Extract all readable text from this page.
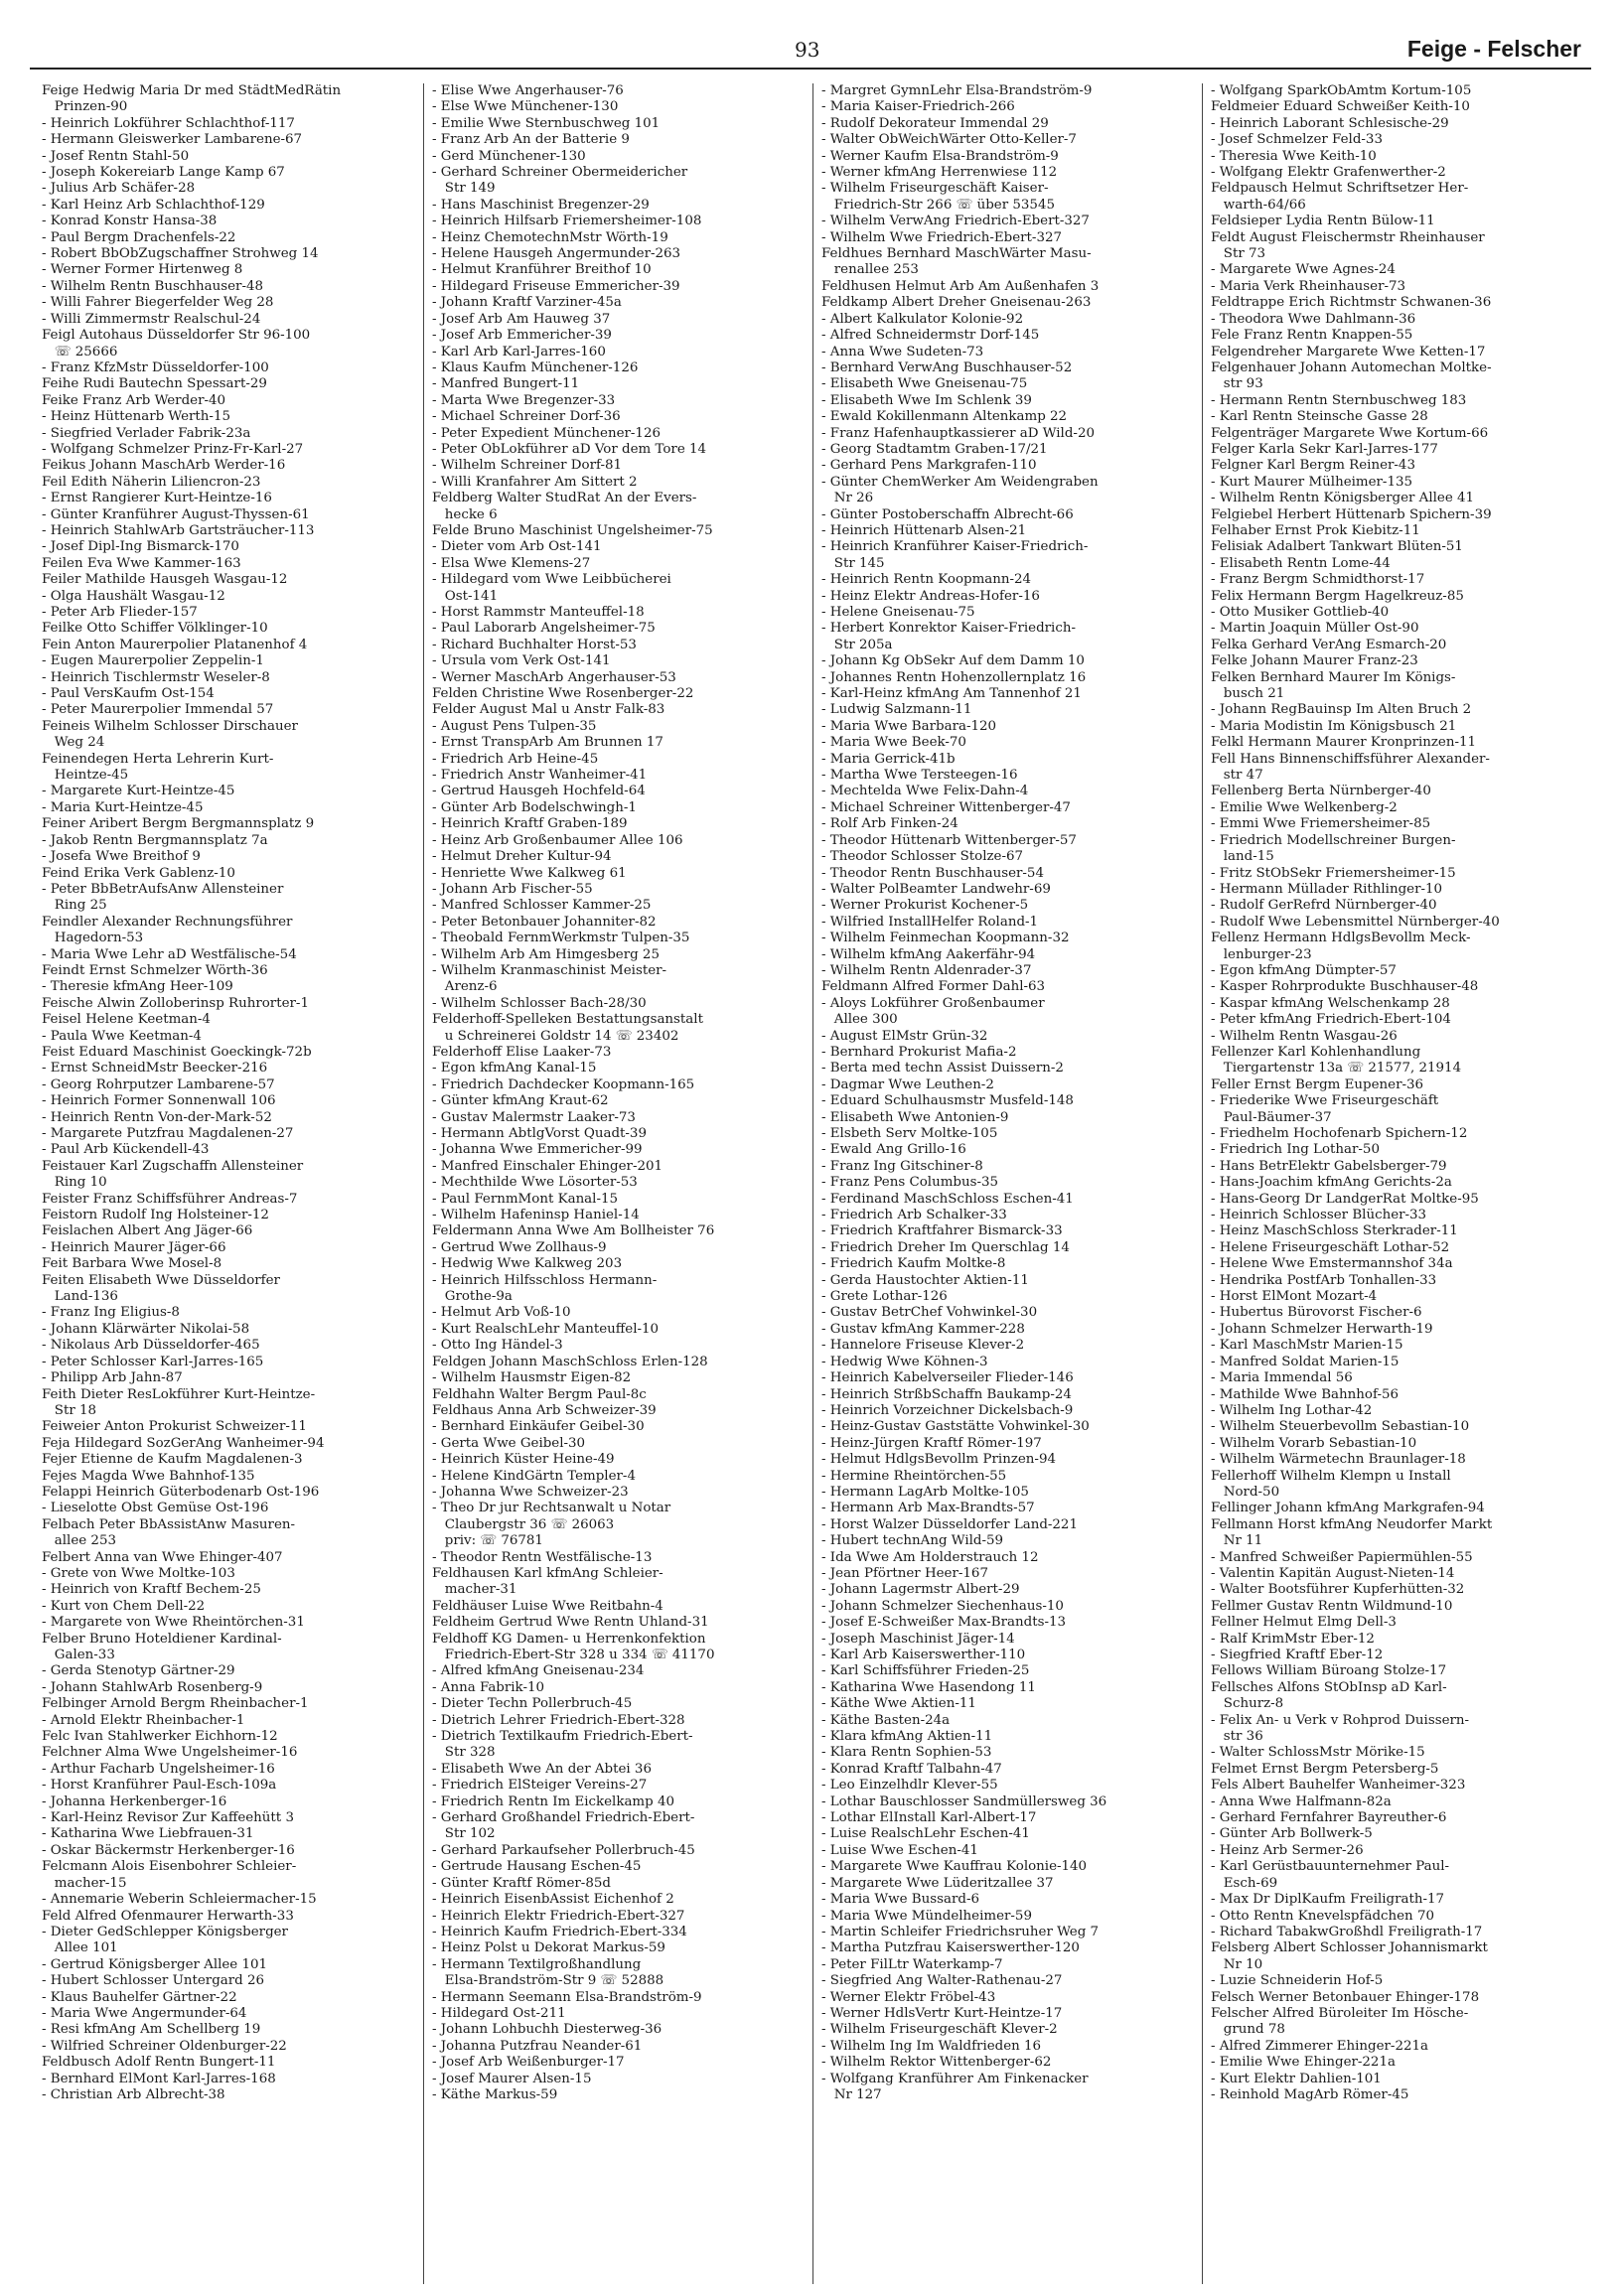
93	Feige - Felscher
Feige Hedwig Maria Dr med StädtMedRätin
Prinzen-90
- Heinrich Lokführer Schlachthof-117
- Hermann Gleiswerker Lambarene-67
- Josef Rentn Stahl-50
- Joseph Kokereiarb Lange Kamp 67
- Julius Arb Schäfer-28
- Karl Heinz Arb Schlachthof-129
- Konrad Konstr Hansa-38
- Paul Bergm Drachenfels-22
- Robert BbObZugschaffner Strohweg 14
- Werner Former Hirtenweg 8
- Wilhelm Rentn Buschhauser-48
- Willi Fahrer Biegerfelder Weg 28
- Willi Zimmermstr Realschul-24
Feigl Autohaus Düsseldorfer Str 96-100
☏ 25666
- Franz KfzMstr Düsseldorfer-100
Feihe Rudi Bautechn Spessart-29
Feike Franz Arb Werder-40
- Heinz Hüttenarb Werth-15
- Siegfried Verlader Fabrik-23a
- Wolfgang Schmelzer Prinz-Fr-Karl-27
Feikus Johann MaschArb Werder-16
Feil Edith Näherin Liliencron-23
- Ernst Rangierer Kurt-Heintze-16
- Günter Kranführer August-Thyssen-61
- Heinrich StahlwArb Gartsträucher-113
- Josef Dipl-Ing Bismarck-170
Feilen Eva Wwe Kammer-163
Feiler Mathilde Hausgeh Wasgau-12
- Olga Haushält Wasgau-12
- Peter Arb Flieder-157
Feilke Otto Schiffer Völklinger-10
Fein Anton Maurerpolier Platanenhof 4
- Eugen Maurerpolier Zeppelin-1
- Heinrich Tischlermstr Weseler-8
- Paul VersKaufm Ost-154
- Peter Maurerpolier Immendal 57
Feineis Wilhelm Schlosser Dirschauer
Weg 24
Feinendegen Herta Lehrerin Kurt-
Heintze-45
- Margarete Kurt-Heintze-45
- Maria Kurt-Heintze-45
Feiner Aribert Bergm Bergmannsplatz 9
- Jakob Rentn Bergmannsplatz 7a
- Josefa Wwe Breithof 9
Feind Erika Verk Gablenz-10
- Peter BbBetrAufsAnw Allensteiner
Ring 25
Feindler Alexander Rechnungsführer
Hagedorn-53
- Maria Wwe Lehr aD Westfälische-54
Feindt Ernst Schmelzer Wörth-36
- Theresie kfmAng Heer-109
Feische Alwin Zolloberinsp Ruhrorter-1
Feisel Helene Keetman-4
- Paula Wwe Keetman-4
Feist Eduard Maschinist Goeckingk-72b
- Ernst SchneidMstr Beecker-216
- Georg Rohrputzer Lambarene-57
- Heinrich Former Sonnenwall 106
- Heinrich Rentn Von-der-Mark-52
- Margarete Putzfrau Magdalenen-27
- Paul Arb Kückendell-43
Feistauer Karl Zugschaffn Allensteiner
Ring 10
Feister Franz Schiffsführer Andreas-7
Feistorn Rudolf Ing Holsteiner-12
Feislachen Albert Ang Jäger-66
- Heinrich Maurer Jäger-66
Feit Barbara Wwe Mosel-8
Feiten Elisabeth Wwe Düsseldorfer
Land-136
- Franz Ing Eligius-8
- Johann Klärwärter Nikolai-58
- Nikolaus Arb Düsseldorfer-465
- Peter Schlosser Karl-Jarres-165
- Philipp Arb Jahn-87
Feith Dieter ResLokführer Kurt-Heintze-
Str 18
Feiweier Anton Prokurist Schweizer-11
Feja Hildegard SozGerAng Wanheimer-94
Fejer Etienne de Kaufm Magdalenen-3
Fejes Magda Wwe Bahnhof-135
Felappi Heinrich Güterbodenarb Ost-196
- Lieselotte Obst Gemüse Ost-196
Felbach Peter BbAssistAnw Masuren-
allee 253
Felbert Anna van Wwe Ehinger-407
- Grete von Wwe Moltke-103
- Heinrich von Kraftf Bechem-25
- Kurt von Chem Dell-22
- Margarete von Wwe Rheintörchen-31
Felber Bruno Hoteldiener Kardinal-
Galen-33
- Gerda Stenotyp Gärtner-29
- Johann StahlwArb Rosenberg-9
Felbinger Arnold Bergm Rheinbacher-1
- Arnold Elektr Rheinbacher-1
Felc Ivan Stahlwerker Eichhorn-12
Felchner Alma Wwe Ungelsheimer-16
- Arthur Facharb Ungelsheimer-16
- Horst Kranführer Paul-Esch-109a
- Johanna Herkenberger-16
- Karl-Heinz Revisor Zur Kaffeehütt 3
- Katharina Wwe Liebfrauen-31
- Oskar Bäckermstr Herkenberger-16
Felcmann Alois Eisenbohrer Schleier-
macher-15
- Annemarie Weberin Schleiermacher-15
Feld Alfred Ofenmaurer Herwarth-33
- Dieter GedSchlepper Königsberger
Allee 101
- Gertrud Königsberger Allee 101
- Hubert Schlosser Untergard 26
- Klaus Bauhelfer Gärtner-22
- Maria Wwe Angermunder-64
- Resi kfmAng Am Schellberg 19
- Wilfried Schreiner Oldenburger-22
Feldbusch Adolf Rentn Bungert-11
- Bernhard ElMont Karl-Jarres-168
- Christian Arb Albrecht-38
- Elise Wwe Angerhauser-76
- Else Wwe Münchener-130
- Emilie Wwe Sternbuschweg 101
- Franz Arb An der Batterie 9
- Gerd Münchener-130
- Gerhard Schreiner Obermeidericher
Str 149
- Hans Maschinist Bregenzer-29
- Heinrich Hilfsarb Friemersheimer-108
- Heinz ChemotechnMstr Wörth-19
- Helene Hausgeh Angermunder-263
- Helmut Kranführer Breithof 10
- Hildegard Friseuse Emmericher-39
- Johann Kraftf Varziner-45a
- Josef Arb Am Hauweg 37
- Josef Arb Emmericher-39
- Karl Arb Karl-Jarres-160
- Klaus Kaufm Münchener-126
- Manfred Bungert-11
- Marta Wwe Bregenzer-33
- Michael Schreiner Dorf-36
- Peter Expedient Münchener-126
- Peter ObLokführer aD Vor dem Tore 14
- Wilhelm Schreiner Dorf-81
- Willi Kranfahrer Am Sittert 2
Feldberg Walter StudRat An der Evers-
hecke 6
Felde Bruno Maschinist Ungelsheimer-75
- Dieter vom Arb Ost-141
- Elsa Wwe Klemens-27
- Hildegard vom Wwe Leibbücherei
Ost-141
- Horst Rammstr Manteuffel-18
- Paul Laborarb Angelsheimer-75
- Richard Buchhalter Horst-53
- Ursula vom Verk Ost-141
- Werner MaschArb Angerhauser-53
Felden Christine Wwe Rosenberger-22
Felder August Mal u Anstr Falk-83
- August Pens Tulpen-35
- Ernst TranspArb Am Brunnen 17
- Friedrich Arb Heine-45
- Friedrich Anstr Wanheimer-41
- Gertrud Hausgeh Hochfeld-64
- Günter Arb Bodelschwingh-1
- Heinrich Kraftf Graben-189
- Heinz Arb Großenbaumer Allee 106
- Helmut Dreher Kultur-94
- Henriette Wwe Kalkweg 61
- Johann Arb Fischer-55
- Manfred Schlosser Kammer-25
- Peter Betonbauer Johanniter-82
- Theobald FernmWerkmstr Tulpen-35
- Wilhelm Arb Am Himgesberg 25
- Wilhelm Kranmaschinist Meister-
Arenz-6
- Wilhelm Schlosser Bach-28/30
Felderhoff-Spelleken Bestattungsanstalt
u Schreinerei Goldstr 14 ☏ 23402
Felderhoff Elise Laaker-73
- Egon kfmAng Kanal-15
- Friedrich Dachdecker Koopmann-165
- Günter kfmAng Kraut-62
- Gustav Malermstr Laaker-73
- Hermann AbtlgVorst Quadt-39
- Johanna Wwe Emmericher-99
- Manfred Einschaler Ehinger-201
- Mechthilde Wwe Lösorter-53
- Paul FernmMont Kanal-15
- Wilhelm Hafeninsp Haniel-14
Feldermann Anna Wwe Am Bollheister 76
- Gertrud Wwe Zollhaus-9
- Hedwig Wwe Kalkweg 203
- Heinrich Hilfsschloss Hermann-
Grothe-9a
- Helmut Arb Voß-10
- Kurt RealschLehr Manteuffel-10
- Otto Ing Händel-3
Feldgen Johann MaschSchloss Erlen-128
- Wilhelm Hausmstr Eigen-82
Feldhahn Walter Bergm Paul-8c
Feldhaus Anna Arb Schweizer-39
- Bernhard Einkäufer Geibel-30
- Gerta Wwe Geibel-30
- Heinrich Küster Heine-49
- Helene KindGärtn Templer-4
- Johanna Wwe Schweizer-23
- Theo Dr jur Rechtsanwalt u Notar
Claubergstr 36 ☏ 26063
priv: ☏ 76781
- Theodor Rentn Westfälische-13
Feldhausen Karl kfmAng Schleier-
macher-31
Feldhäuser Luise Wwe Reitbahn-4
Feldheim Gertrud Wwe Rentn Uhland-31
Feldhoff KG Damen- u Herrenkonfektion
Friedrich-Ebert-Str 328 u 334 ☏ 41170
- Alfred kfmAng Gneisenau-234
- Anna Fabrik-10
- Dieter Techn Pollerbruch-45
- Dietrich Lehrer Friedrich-Ebert-328
- Dietrich Textilkaufm Friedrich-Ebert-
Str 328
- Elisabeth Wwe An der Abtei 36
- Friedrich ElSteiger Vereins-27
- Friedrich Rentn Im Eickelkamp 40
- Gerhard Großhandel Friedrich-Ebert-
Str 102
- Gerhard Parkaufseher Pollerbruch-45
- Gertrude Hausang Eschen-45
- Günter Kraftf Römer-85d
- Heinrich EisenbAssist Eichenhof 2
- Heinrich Elektr Friedrich-Ebert-327
- Heinrich Kaufm Friedrich-Ebert-334
- Heinz Polst u Dekorat Markus-59
- Hermann Textilgroßhandlung
Elsa-Brandström-Str 9 ☏ 52888
- Hermann Seemann Elsa-Brandström-9
- Hildegard Ost-211
- Johann Lohbuchh Diesterweg-36
- Johanna Putzfrau Neander-61
- Josef Arb Weißenburger-17
- Josef Maurer Alsen-15
- Käthe Markus-59
- Margret GymnLehr Elsa-Brandström-9
- Maria Kaiser-Friedrich-266
- Rudolf Dekorateur Immendal 29
- Walter ObWeichWärter Otto-Keller-7
- Werner Kaufm Elsa-Brandström-9
- Werner kfmAng Herrenwiese 112
- Wilhelm Friseurgeschäft Kaiser-
Friedrich-Str 266 ☏ über 53545
- Wilhelm VerwAng Friedrich-Ebert-327
- Wilhelm Wwe Friedrich-Ebert-327
Feldhues Bernhard MaschWärter Masu-
renallee 253
Feldhusen Helmut Arb Am Außenhafen 3
Feldkamp Albert Dreher Gneisenau-263
- Albert Kalkulator Kolonie-92
- Alfred Schneidermstr Dorf-145
- Anna Wwe Sudeten-73
- Bernhard VerwAng Buschhauser-52
- Elisabeth Wwe Gneisenau-75
- Elisabeth Wwe Im Schlenk 39
- Ewald Kokillenmann Altenkamp 22
- Franz Hafenhauptkassierer aD Wild-20
- Georg Stadtamtm Graben-17/21
- Gerhard Pens Markgrafen-110
- Günter ChemWerker Am Weidengraben
Nr 26
- Günter Postoberschaffn Albrecht-66
- Heinrich Hüttenarb Alsen-21
- Heinrich Kranführer Kaiser-Friedrich-
Str 145
- Heinrich Rentn Koopmann-24
- Heinz Elektr Andreas-Hofer-16
- Helene Gneisenau-75
- Herbert Konrektor Kaiser-Friedrich-
Str 205a
- Johann Kg ObSekr Auf dem Damm 10
- Johannes Rentn Hohenzollernplatz 16
- Karl-Heinz kfmAng Am Tannenhof 21
- Ludwig Salzmann-11
- Maria Wwe Barbara-120
- Maria Wwe Beek-70
- Maria Gerrick-41b
- Martha Wwe Tersteegen-16
- Mechtelda Wwe Felix-Dahn-4
- Michael Schreiner Wittenberger-47
- Rolf Arb Finken-24
- Theodor Hüttenarb Wittenberger-57
- Theodor Schlosser Stolze-67
- Theodor Rentn Buschhauser-54
- Walter PolBeamter Landwehr-69
- Werner Prokurist Kochener-5
- Wilfried InstallHelfer Roland-1
- Wilhelm Feinmechan Koopmann-32
- Wilhelm kfmAng Aakerfähr-94
- Wilhelm Rentn Aldenrader-37
Feldmann Alfred Former Dahl-63
- Aloys Lokführer Großenbaumer
Allee 300
- August ElMstr Grün-32
- Bernhard Prokurist Mafia-2
- Berta med techn Assist Duissern-2
- Dagmar Wwe Leuthen-2
- Eduard Schulhausmstr Musfeld-148
- Elisabeth Wwe Antonien-9
- Elsbeth Serv Moltke-105
- Ewald Ang Grillo-16
- Franz Ing Gitschiner-8
- Franz Pens Columbus-35
- Ferdinand MaschSchloss Eschen-41
- Friedrich Arb Schalker-33
- Friedrich Kraftfahrer Bismarck-33
- Friedrich Dreher Im Querschlag 14
- Friedrich Kaufm Moltke-8
- Gerda Haustochter Aktien-11
- Grete Lothar-126
- Gustav BetrChef Vohwinkel-30
- Gustav kfmAng Kammer-228
- Hannelore Friseuse Klever-2
- Hedwig Wwe Köhnen-3
- Heinrich Kabelverseiler Flieder-146
- Heinrich StrßbSchaffn Baukamp-24
- Heinrich Vorzeichner Dickelsbach-9
- Heinz-Gustav Gaststätte Vohwinkel-30
- Heinz-Jürgen Kraftf Römer-197
- Helmut HdlgsBevollm Prinzen-94
- Hermine Rheintörchen-55
- Hermann LagArb Moltke-105
- Hermann Arb Max-Brandts-57
- Horst Walzer Düsseldorfer Land-221
- Hubert technAng Wild-59
- Ida Wwe Am Holderstrauch 12
- Jean Pförtner Heer-167
- Johann Lagermstr Albert-29
- Johann Schmelzer Siechenhaus-10
- Josef E-Schweißer Max-Brandts-13
- Joseph Maschinist Jäger-14
- Karl Arb Kaiserswerther-110
- Karl Schiffsführer Frieden-25
- Katharina Wwe Hasendong 11
- Käthe Wwe Aktien-11
- Käthe Basten-24a
- Klara kfmAng Aktien-11
- Klara Rentn Sophien-53
- Konrad Kraftf Talbahn-47
- Leo Einzelhdlr Klever-55
- Lothar Bauschlosser Sandmüllersweg 36
- Lothar ElInstall Karl-Albert-17
- Luise RealschLehr Eschen-41
- Luise Wwe Eschen-41
- Margarete Wwe Kauffrau Kolonie-140
- Margarete Wwe Lüderitzallee 37
- Maria Wwe Bussard-6
- Maria Wwe Mündelheimer-59
- Martin Schleifer Friedrichsruher Weg 7
- Martha Putzfrau Kaiserswerther-120
- Peter FilLtr Waterkamp-7
- Siegfried Ang Walter-Rathenau-27
- Werner Elektr Fröbel-43
- Werner HdlsVertr Kurt-Heintze-17
- Wilhelm Friseurgeschäft Klever-2
- Wilhelm Ing Im Waldfrieden 16
- Wilhelm Rektor Wittenberger-62
- Wolfgang Kranführer Am Finkenacker
Nr 127
- Wolfgang SparkObAmtm Kortum-105
Feldmeier Eduard Schweißer Keith-10
- Heinrich Laborant Schlesische-29
- Josef Schmelzer Feld-33
- Theresia Wwe Keith-10
- Wolfgang Elektr Grafenwerther-2
Feldpausch Helmut Schriftsetzer Her-
warth-64/66
Feldsieper Lydia Rentn Bülow-11
Feldt August Fleischermstr Rheinhauser
Str 73
- Margarete Wwe Agnes-24
- Maria Verk Rheinhauser-73
Feldtrappe Erich Richtmstr Schwanen-36
- Theodora Wwe Dahlmann-36
Fele Franz Rentn Knappen-55
Felgendreher Margarete Wwe Ketten-17
Felgenhauer Johann Automechan Moltke-
str 93
- Hermann Rentn Sternbuschweg 183
- Karl Rentn Steinsche Gasse 28
Felgenträger Margarete Wwe Kortum-66
Felger Karla Sekr Karl-Jarres-177
Felgner Karl Bergm Reiner-43
- Kurt Maurer Mülheimer-135
- Wilhelm Rentn Königsberger Allee 41
Felgiebel Herbert Hüttenarb Spichern-39
Felhaber Ernst Prok Kiebitz-11
Felisiak Adalbert Tankwart Blüten-51
- Elisabeth Rentn Lome-44
- Franz Bergm Schmidthorst-17
Felix Hermann Bergm Hagelkreuz-85
- Otto Musiker Gottlieb-40
- Martin Joaquin Müller Ost-90
Felka Gerhard VerAng Esmarch-20
Felke Johann Maurer Franz-23
Felken Bernhard Maurer Im Königs-
busch 21
- Johann RegBauinsp Im Alten Bruch 2
- Maria Modistin Im Königsbusch 21
Felkl Hermann Maurer Kronprinzen-11
Fell Hans Binnenschiffsführer Alexander-
str 47
Fellenberg Berta Nürnberger-40
- Emilie Wwe Welkenberg-2
- Emmi Wwe Friemersheimer-85
- Friedrich Modellschreiner Burgen-
land-15
- Fritz StObSekr Friemersheimer-15
- Hermann Müllader Rithlinger-10
- Rudolf GerRefrd Nürnberger-40
- Rudolf Wwe Lebensmittel Nürnberger-40
Fellenz Hermann HdlgsBevollm Meck-
lenburger-23
- Egon kfmAng Dümpter-57
- Kasper Rohrprodukte Buschhauser-48
- Kaspar kfmAng Welschenkamp 28
- Peter kfmAng Friedrich-Ebert-104
- Wilhelm Rentn Wasgau-26
Fellenzer Karl Kohlenhandlung
Tiergartenstr 13a ☏ 21577, 21914
Feller Ernst Bergm Eupener-36
- Friederike Wwe Friseurgeschäft
Paul-Bäumer-37
- Friedhelm Hochofenarb Spichern-12
- Friedrich Ing Lothar-50
- Hans BetrElektr Gabelsberger-79
- Hans-Joachim kfmAng Gerichts-2a
- Hans-Georg Dr LandgerRat Moltke-95
- Heinrich Schlosser Blücher-33
- Heinz MaschSchloss Sterkrader-11
- Helene Friseurgeschäft Lothar-52
- Helene Wwe Emstermannshof 34a
- Hendrika PostfArb Tonhallen-33
- Horst ElMont Mozart-4
- Hubertus Bürovorst Fischer-6
- Johann Schmelzer Herwarth-19
- Karl MaschMstr Marien-15
- Manfred Soldat Marien-15
- Maria Immendal 56
- Mathilde Wwe Bahnhof-56
- Wilhelm Ing Lothar-42
- Wilhelm Steuerbevollm Sebastian-10
- Wilhelm Vorarb Sebastian-10
- Wilhelm Wärmetechn Braunlager-18
Fellerhoff Wilhelm Klempn u Install
Nord-50
Fellinger Johann kfmAng Markgrafen-94
Fellmann Horst kfmAng Neudorfer Markt
Nr 11
- Manfred Schweißer Papiermühlen-55
- Valentin Kapitän August-Nieten-14
- Walter Bootsführer Kupferhütten-32
Fellmer Gustav Rentn Wildmund-10
Fellner Helmut Elmg Dell-3
- Ralf KrimMstr Eber-12
- Siegfried Kraftf Eber-12
Fellows William Büroang Stolze-17
Fellsches Alfons StObInsp aD Karl-
Schurz-8
- Felix An- u Verk v Rohprod Duissern-
str 36
- Walter SchlossMstr Mörike-15
Felmet Ernst Bergm Petersberg-5
Fels Albert Bauhelfer Wanheimer-323
- Anna Wwe Halfmann-82a
- Gerhard Fernfahrer Bayreuther-6
- Günter Arb Bollwerk-5
- Heinz Arb Sermer-26
- Karl Gerüstbauunternehmer Paul-
Esch-69
- Max Dr DiplKaufm Freiligrath-17
- Otto Rentn Knevelspfädchen 70
- Richard TabakwGroßhdl Freiligrath-17
Felsberg Albert Schlosser Johannismarkt
Nr 10
- Luzie Schneiderin Hof-5
Felsch Werner Betonbauer Ehinger-178
Felscher Alfred Büroleiter Im Hösche-
grund 78
- Alfred Zimmerer Ehinger-221a
- Emilie Wwe Ehinger-221a
- Kurt Elektr Dahlien-101
- Reinhold MagArb Römer-45
